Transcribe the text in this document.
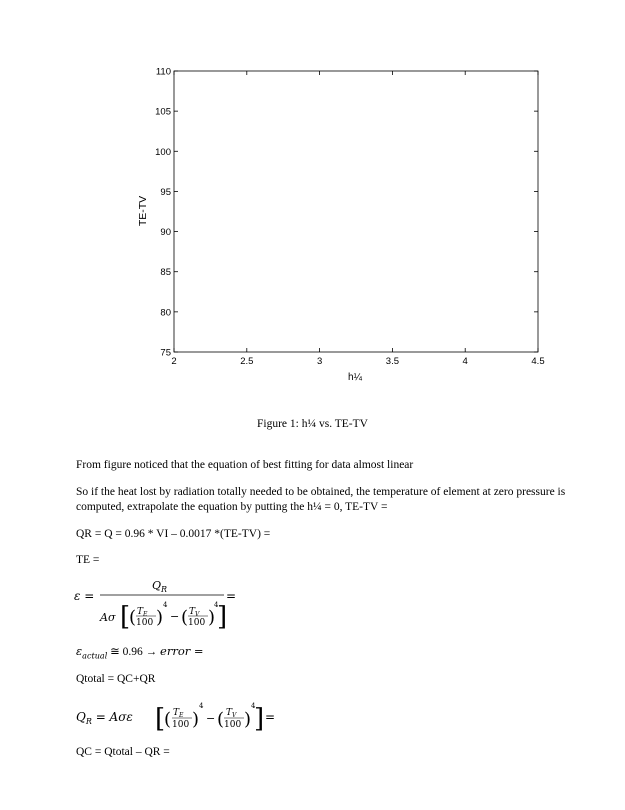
2	2.5	3	3.5	4	4.5
75
80
85
90
95
100
105
110
h¼
TE-TV
Figure 1: h¼ vs. TE-TV
From figure noticed that the equation of best fitting for data almost linear
So if the heat lost by radiation totally needed to be obtained, the temperature of element at zero pressure is computed, extrapolate the equation by putting the h¼ = 0, TE-TV =
QR = Q = 0.96 * VI – 0.0017 *(TE-TV) =
TE =
ε =
$Q_R$
Aσ [
( $T_E$
100 )
4
− ( $T_V$
100 )
4
]
=
$\varepsilon_{actual}$ ≅ 0.96 → error =
Qtotal = QC+QR
$Q_R = A\sigma\varepsilon$ [
( $T_E$
100 )
4
− ( $T_V$
100 )
4
] =
QC = Qtotal – QR =
